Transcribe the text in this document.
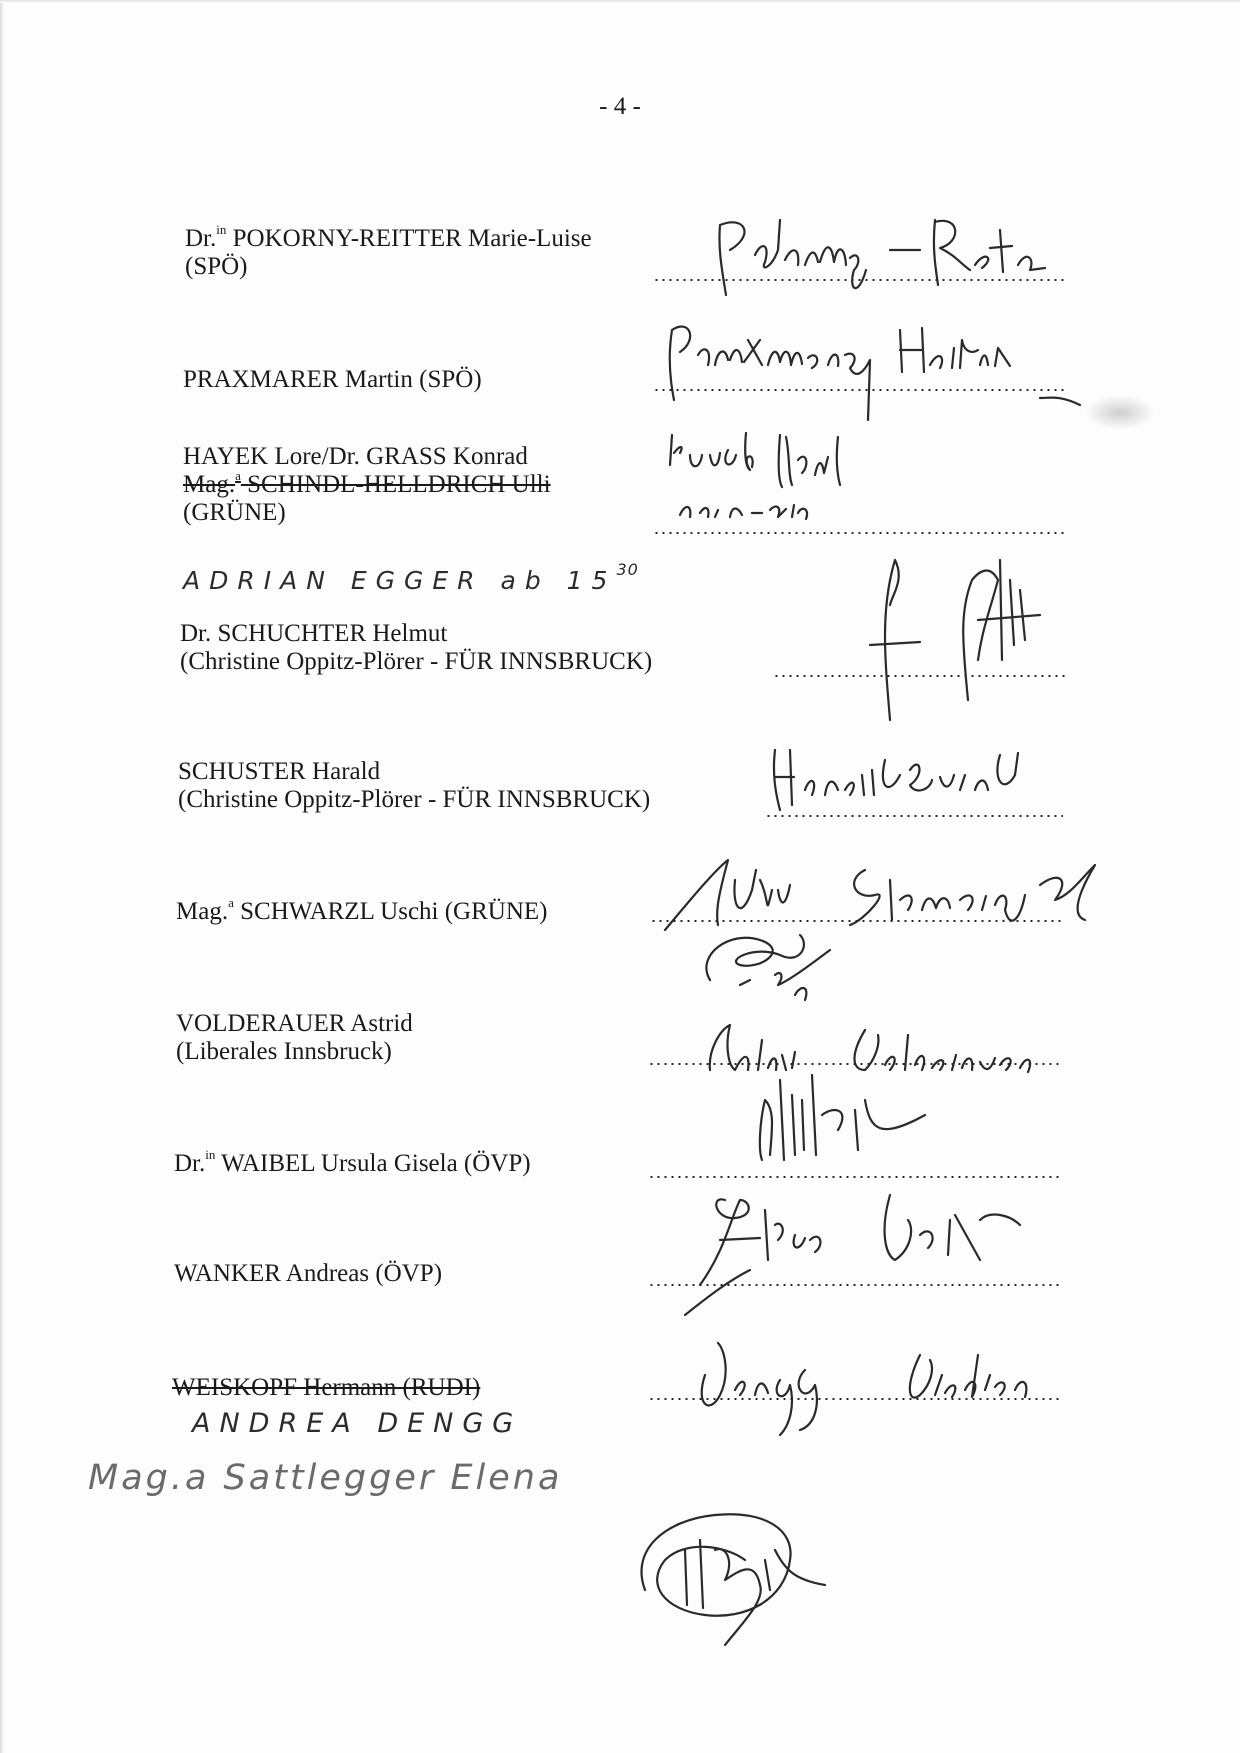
- 4 -
Dr.$^{in}$ POKORNY-REITTER Marie-Luise
(SPÖ)
PRAXMARER Martin (SPÖ)
HAYEK Lore/Dr. GRASS Konrad
Mag.$^a$ SCHINDL-HELLDRICH Ulli
(GRÜNE)
ADRIAN EGGER ab $15^{30}$
Dr. SCHUCHTER Helmut
(Christine Oppitz-Plörer - FÜR INNSBRUCK)
SCHUSTER Harald
(Christine Oppitz-Plörer - FÜR INNSBRUCK)
Mag.$^a$ SCHWARZL Uschi (GRÜNE)
VOLDERAUER Astrid
(Liberales Innsbruck)
Dr.$^{in}$ WAIBEL Ursula Gisela (ÖVP)
WANKER Andreas (ÖVP)
WEISKOPF Hermann (RUDI)
ANDREA DENGG
Mag.a Sattlegger Elena
